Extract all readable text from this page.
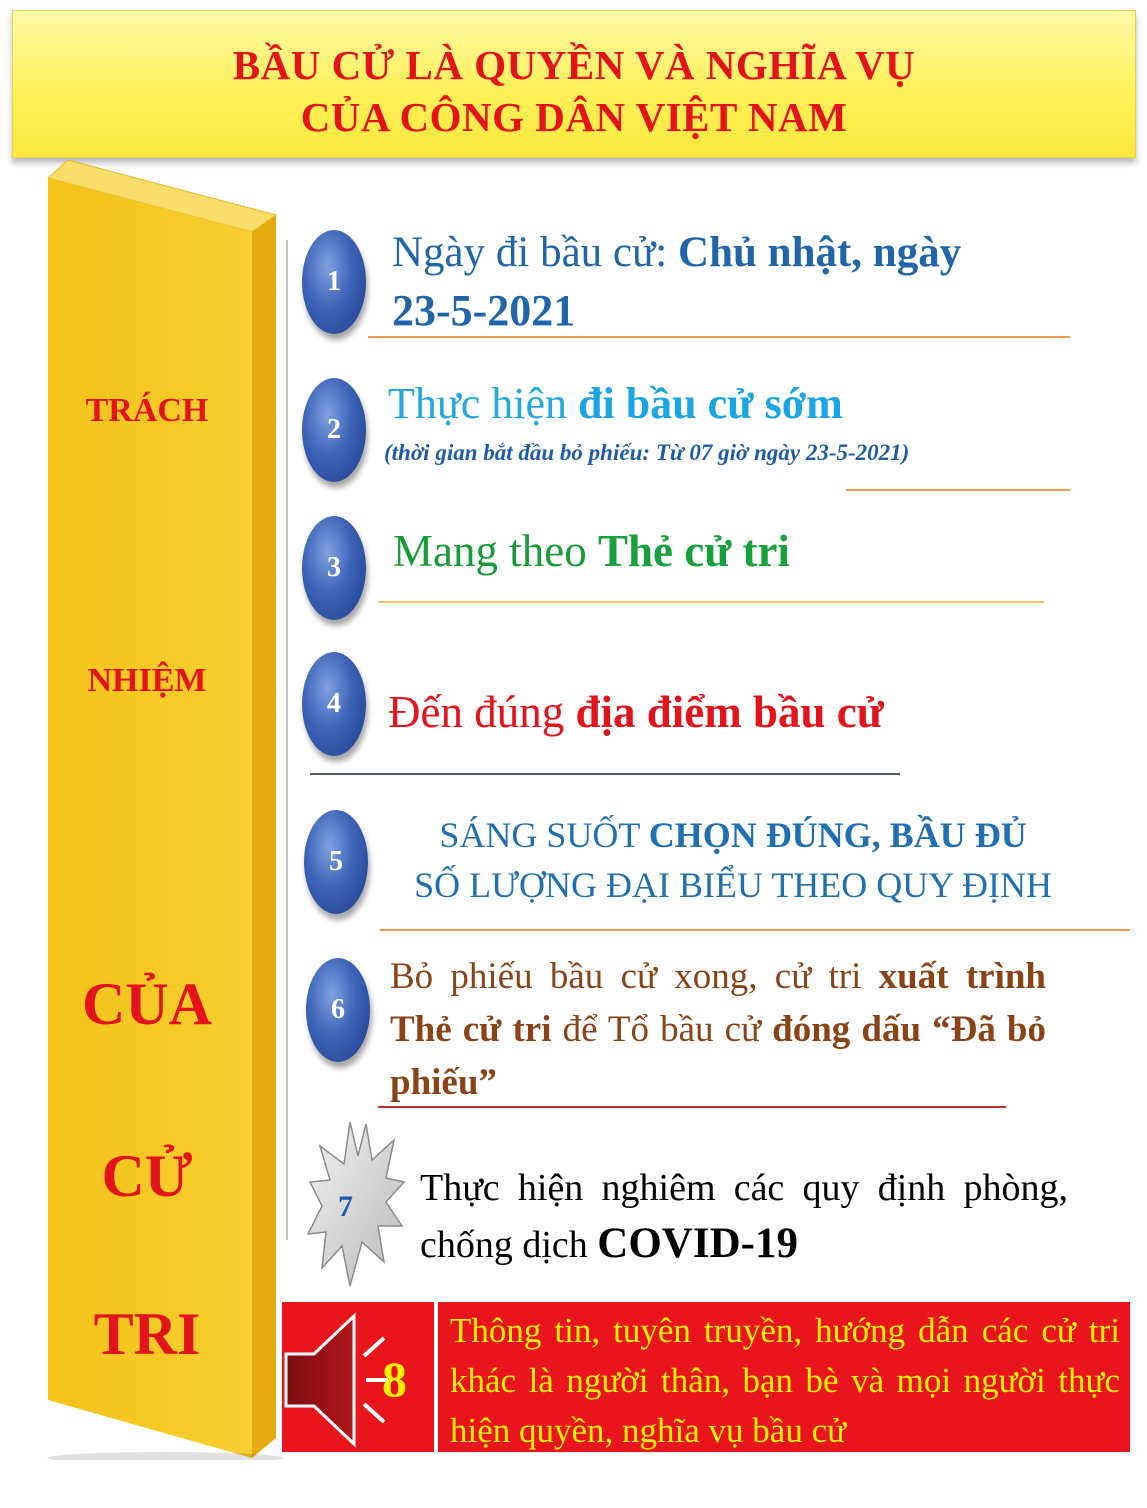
BẦU CỬ LÀ QUYỀN VÀ NGHĨA VỤ
CỦA CÔNG DÂN VIỆT NAM
TRÁCH
NHIỆM
CỦA
CỬ
TRI
1
Ngày đi bầu cử: Chủ nhật, ngày
23-5-2021
2
Thực hiện đi bầu cử sớm
(thời gian bắt đầu bỏ phiếu: Từ 07 giờ ngày 23-5-2021)
3	Mang theo Thẻ cử tri
4	Đến đúng địa điểm bầu cử
5
SÁNG SUỐT CHỌN ĐÚNG, BẦU ĐỦ
SỐ LƯỢNG ĐẠI BIỂU THEO QUY ĐỊNH
6
Bỏ phiếu bầu cử xong, cử tri xuất trình Thẻ cử tri để Tổ bầu cử đóng dấu “Đã bỏ phiếu”
7 Thực hiện nghiêm các quy định phòng, chống dịch COVID-19
8
Thông tin, tuyên truyền, hướng dẫn các cử tri khác là người thân, bạn bè và mọi người thực hiện quyền, nghĩa vụ bầu cử
